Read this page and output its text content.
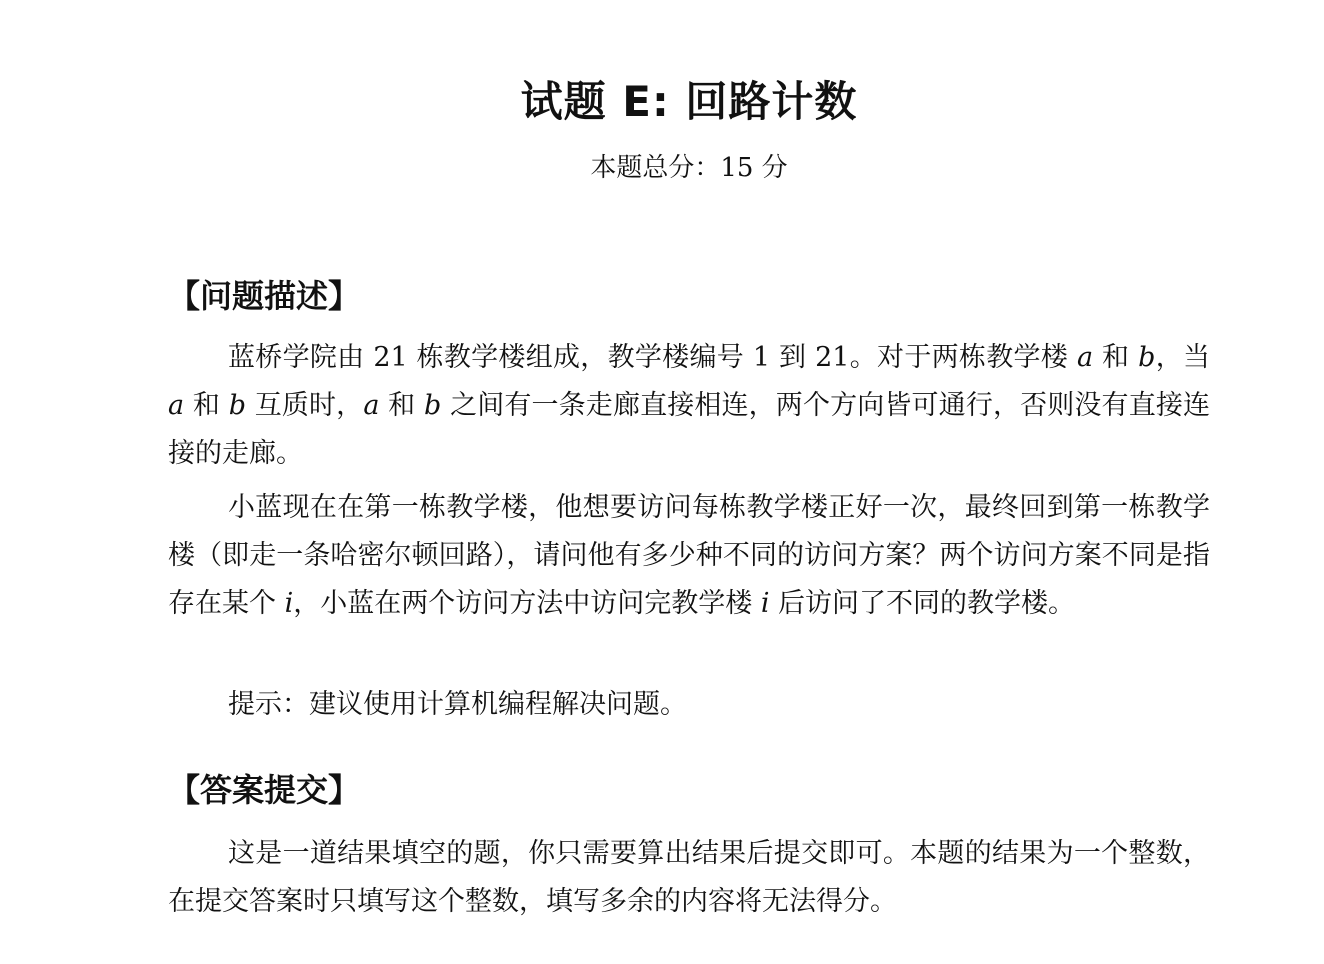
试题 E: 回路计数
本题总分：15 分
【问题描述】

蓝桥学院由 21 栋教学楼组成，教学楼编号 1 到 21。对于两栋教学楼 a 和 b，当 a 和 b 互质时，a 和 b 之间有一条走廊直接相连，两个方向皆可通行，否则没有直接连接的走廊。

小蓝现在在第一栋教学楼，他想要访问每栋教学楼正好一次，最终回到第一栋教学楼（即走一条哈密尔顿回路），请问他有多少种不同的访问方案？两个访问方案不同是指存在某个 i，小蓝在两个访问方法中访问完教学楼 i 后访问了不同的教学楼。

提示：建议使用计算机编程解决问题。

【答案提交】

这是一道结果填空的题，你只需要算出结果后提交即可。本题的结果为一个整数，在提交答案时只填写这个整数，填写多余的内容将无法得分。
